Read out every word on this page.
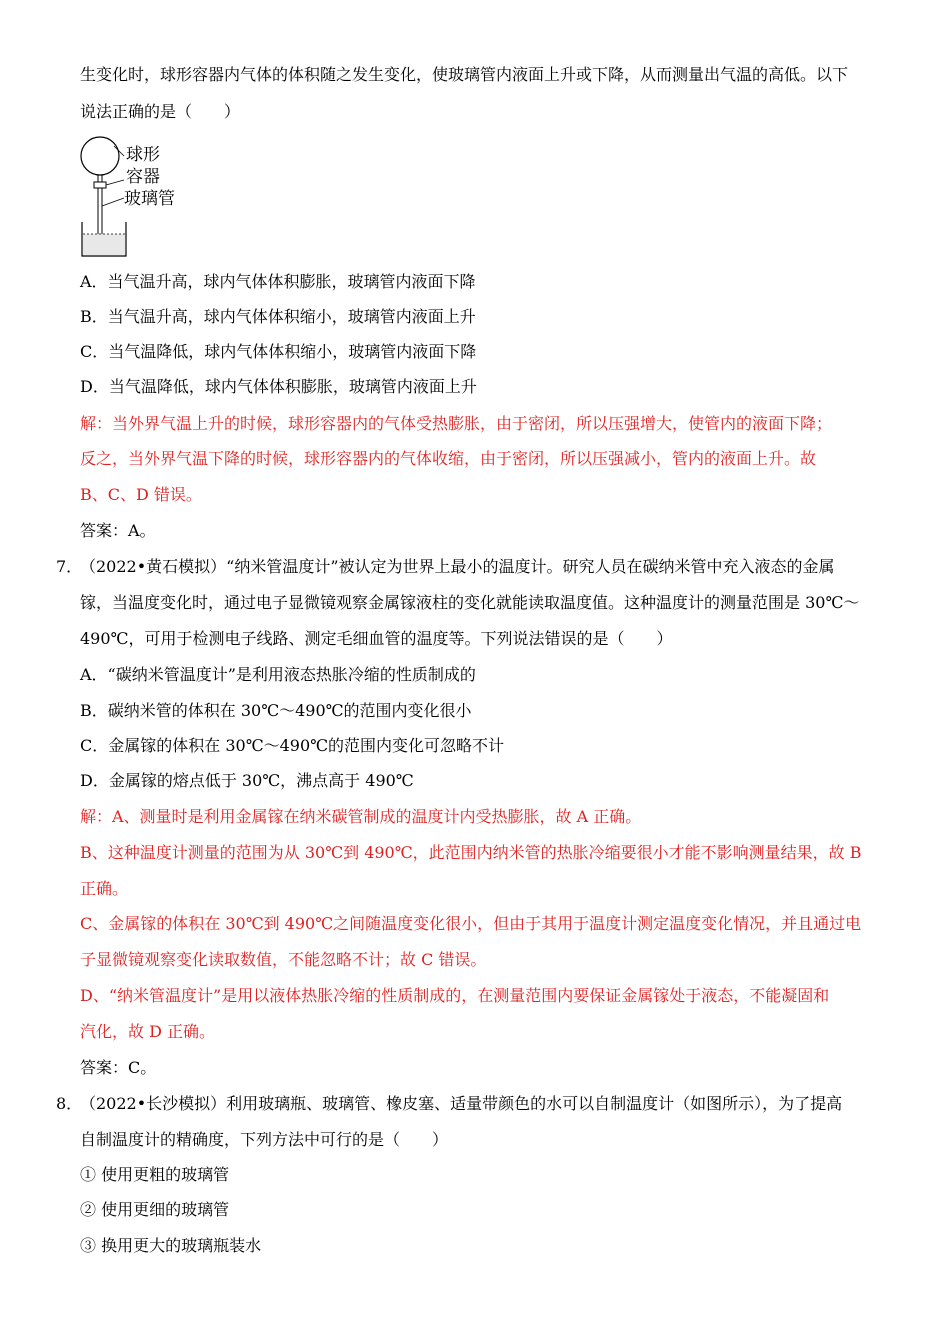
生变化时，球形容器内气体的体积随之发生变化，使玻璃管内液面上升或下降，从而测量出气温的高低。以下
说法正确的是（　　）
球形
容器
玻璃管
A．当气温升高，球内气体体积膨胀，玻璃管内液面下降
B．当气温升高，球内气体体积缩小，玻璃管内液面上升
C．当气温降低，球内气体体积缩小，玻璃管内液面下降
D．当气温降低，球内气体体积膨胀，玻璃管内液面上升
解：当外界气温上升的时候，球形容器内的气体受热膨胀，由于密闭，所以压强增大，使管内的液面下降；
反之，当外界气温下降的时候，球形容器内的气体收缩，由于密闭，所以压强减小，管内的液面上升。故
B、C、D 错误。
答案：A。
7．
（2022•黄石模拟）“纳米管温度计”被认定为世界上最小的温度计。研究人员在碳纳米管中充入液态的金属
镓，当温度变化时，通过电子显微镜观察金属镓液柱的变化就能读取温度值。这种温度计的测量范围是 30℃～
490℃，可用于检测电子线路、测定毛细血管的温度等。下列说法错误的是（　　）
A．“碳纳米管温度计”是利用液态热胀冷缩的性质制成的
B．碳纳米管的体积在 30℃～490℃的范围内变化很小
C．金属镓的体积在 30℃～490℃的范围内变化可忽略不计
D．金属镓的熔点低于 30℃，沸点高于 490℃
解：A、测量时是利用金属镓在纳米碳管制成的温度计内受热膨胀，故 A 正确。
B、这种温度计测量的范围为从 30℃到 490℃，此范围内纳米管的热胀冷缩要很小才能不影响测量结果，故 B
正确。
C、金属镓的体积在 30℃到 490℃之间随温度变化很小，但由于其用于温度计测定温度变化情况，并且通过电
子显微镜观察变化读取数值，不能忽略不计；故 C 错误。
D、“纳米管温度计”是用以液体热胀冷缩的性质制成的，在测量范围内要保证金属镓处于液态，不能凝固和
汽化，故 D 正确。
答案：C。
8．
（2022•长沙模拟）利用玻璃瓶、玻璃管、橡皮塞、适量带颜色的水可以自制温度计（如图所示），为了提高
自制温度计的精确度，下列方法中可行的是（　　）
① 使用更粗的玻璃管
② 使用更细的玻璃管
③ 换用更大的玻璃瓶装水
